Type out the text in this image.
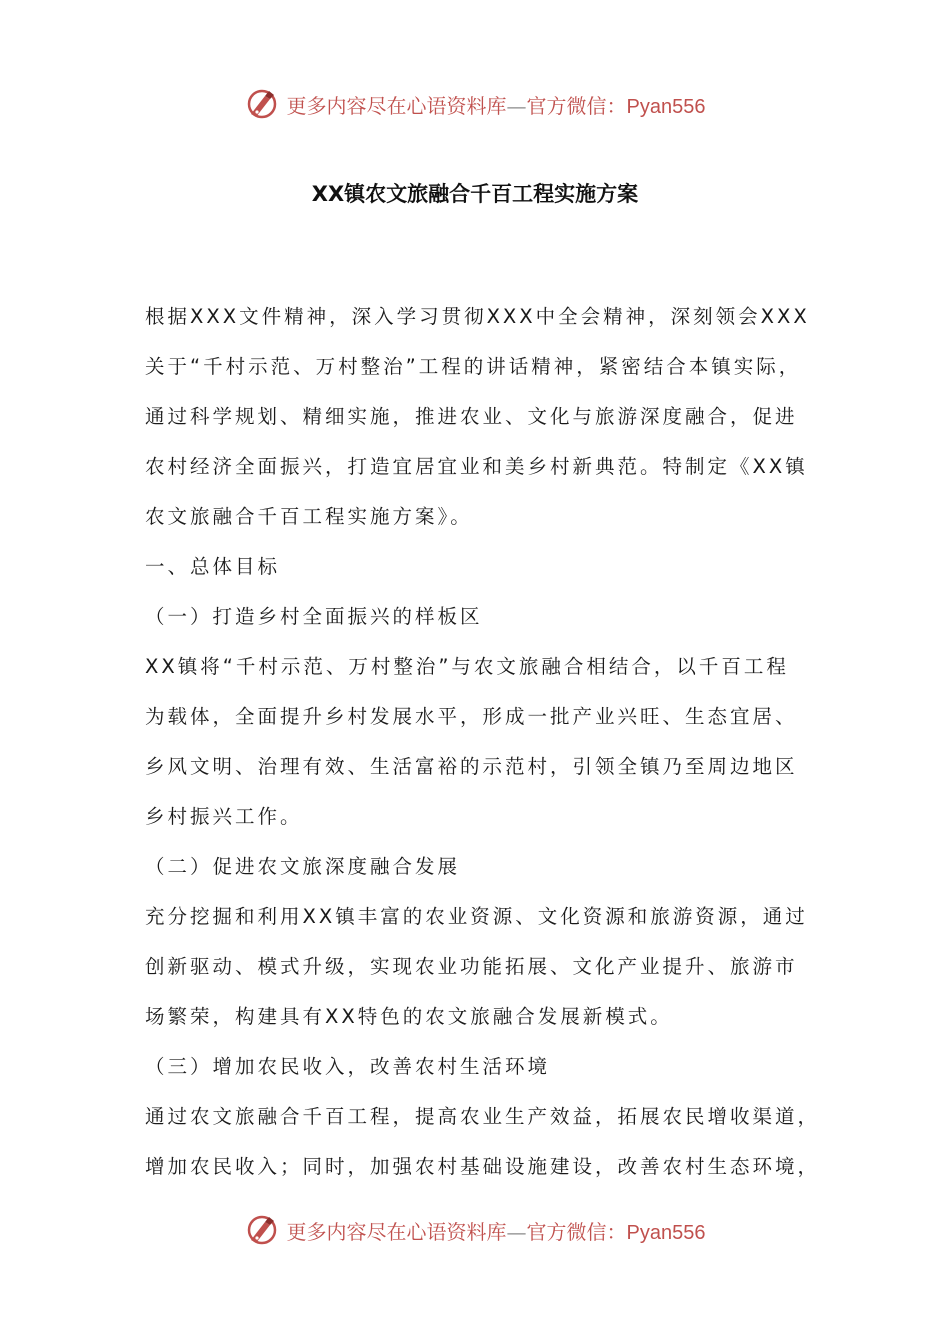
更多内容尽在心语资料库—官方微信：Pyan556
XX镇农文旅融合千百工程实施方案
根据XXX文件精神，深入学习贯彻XXX中全会精神，深刻领会XXX
关于“千村示范、万村整治”工程的讲话精神，紧密结合本镇实际，
通过科学规划、精细实施，推进农业、文化与旅游深度融合，促进
农村经济全面振兴，打造宜居宜业和美乡村新典范。特制定《XX镇
农文旅融合千百工程实施方案》。
一、总体目标
（一）打造乡村全面振兴的样板区
XX镇将“千村示范、万村整治”与农文旅融合相结合，以千百工程
为载体，全面提升乡村发展水平，形成一批产业兴旺、生态宜居、
乡风文明、治理有效、生活富裕的示范村，引领全镇乃至周边地区
乡村振兴工作。
（二）促进农文旅深度融合发展
充分挖掘和利用XX镇丰富的农业资源、文化资源和旅游资源，通过
创新驱动、模式升级，实现农业功能拓展、文化产业提升、旅游市
场繁荣，构建具有XX特色的农文旅融合发展新模式。
（三）增加农民收入，改善农村生活环境
通过农文旅融合千百工程，提高农业生产效益，拓展农民增收渠道，
增加农民收入；同时，加强农村基础设施建设，改善农村生态环境，
更多内容尽在心语资料库—官方微信：Pyan556
